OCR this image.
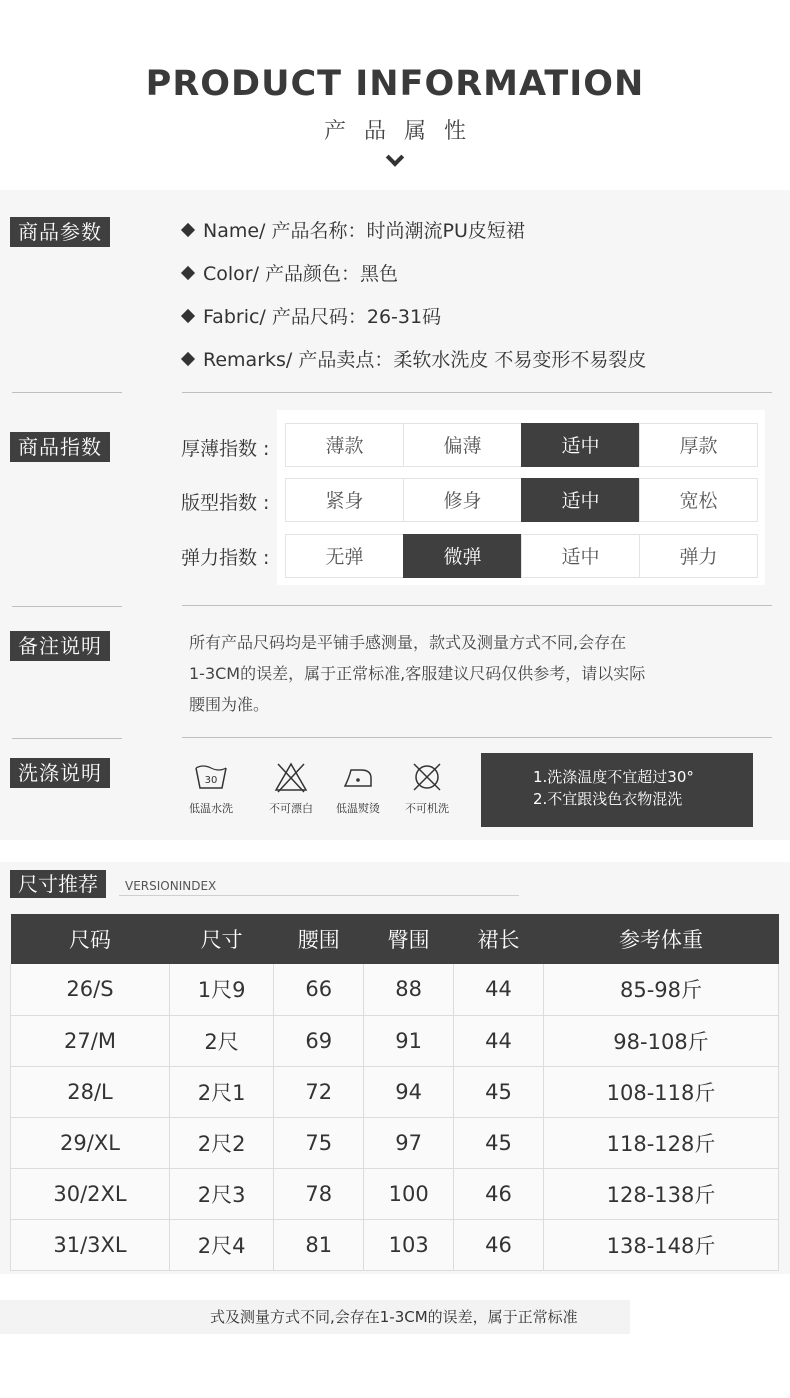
PRODUCT INFORMATION
产品属性
商品参数	Name/ 产品名称：时尚潮流PU皮短裙
Color/ 产品颜色：黑色
Fabric/ 产品尺码：26-31码
Remarks/ 产品卖点：柔软水洗皮 不易变形不易裂皮
商品指数	厚薄指数 :	薄款	偏薄	适中	厚款
版型指数 :	紧身	修身	适中	宽松
弹力指数 :	无弹	微弹	适中	弹力
备注说明	所有产品尺码均是平铺手感测量，款式及测量方式不同,会存在
1-3CM的误差，属于正常标准,客服建议尺码仅供参考，请以实际
腰围为准。
洗涤说明	30
低温水洗	不可漂白	低温熨烫	不可机洗
1.洗涤温度不宜超过30°
2.不宜跟浅色衣物混洗
尺寸推荐	VERSIONINDEX
尺码	尺寸	腰围	臀围	裙长	参考体重
26/S	1尺9	66	88	44	85-98斤
27/M	2尺	69	91	44	98-108斤
28/L	2尺1	72	94	45	108-118斤
29/XL	2尺2	75	97	45	118-128斤
30/2XL	2尺3	78	100	46	128-138斤
31/3XL	2尺4	81	103	46	138-148斤
式及测量方式不同,会存在1-3CM的误差，属于正常标准
